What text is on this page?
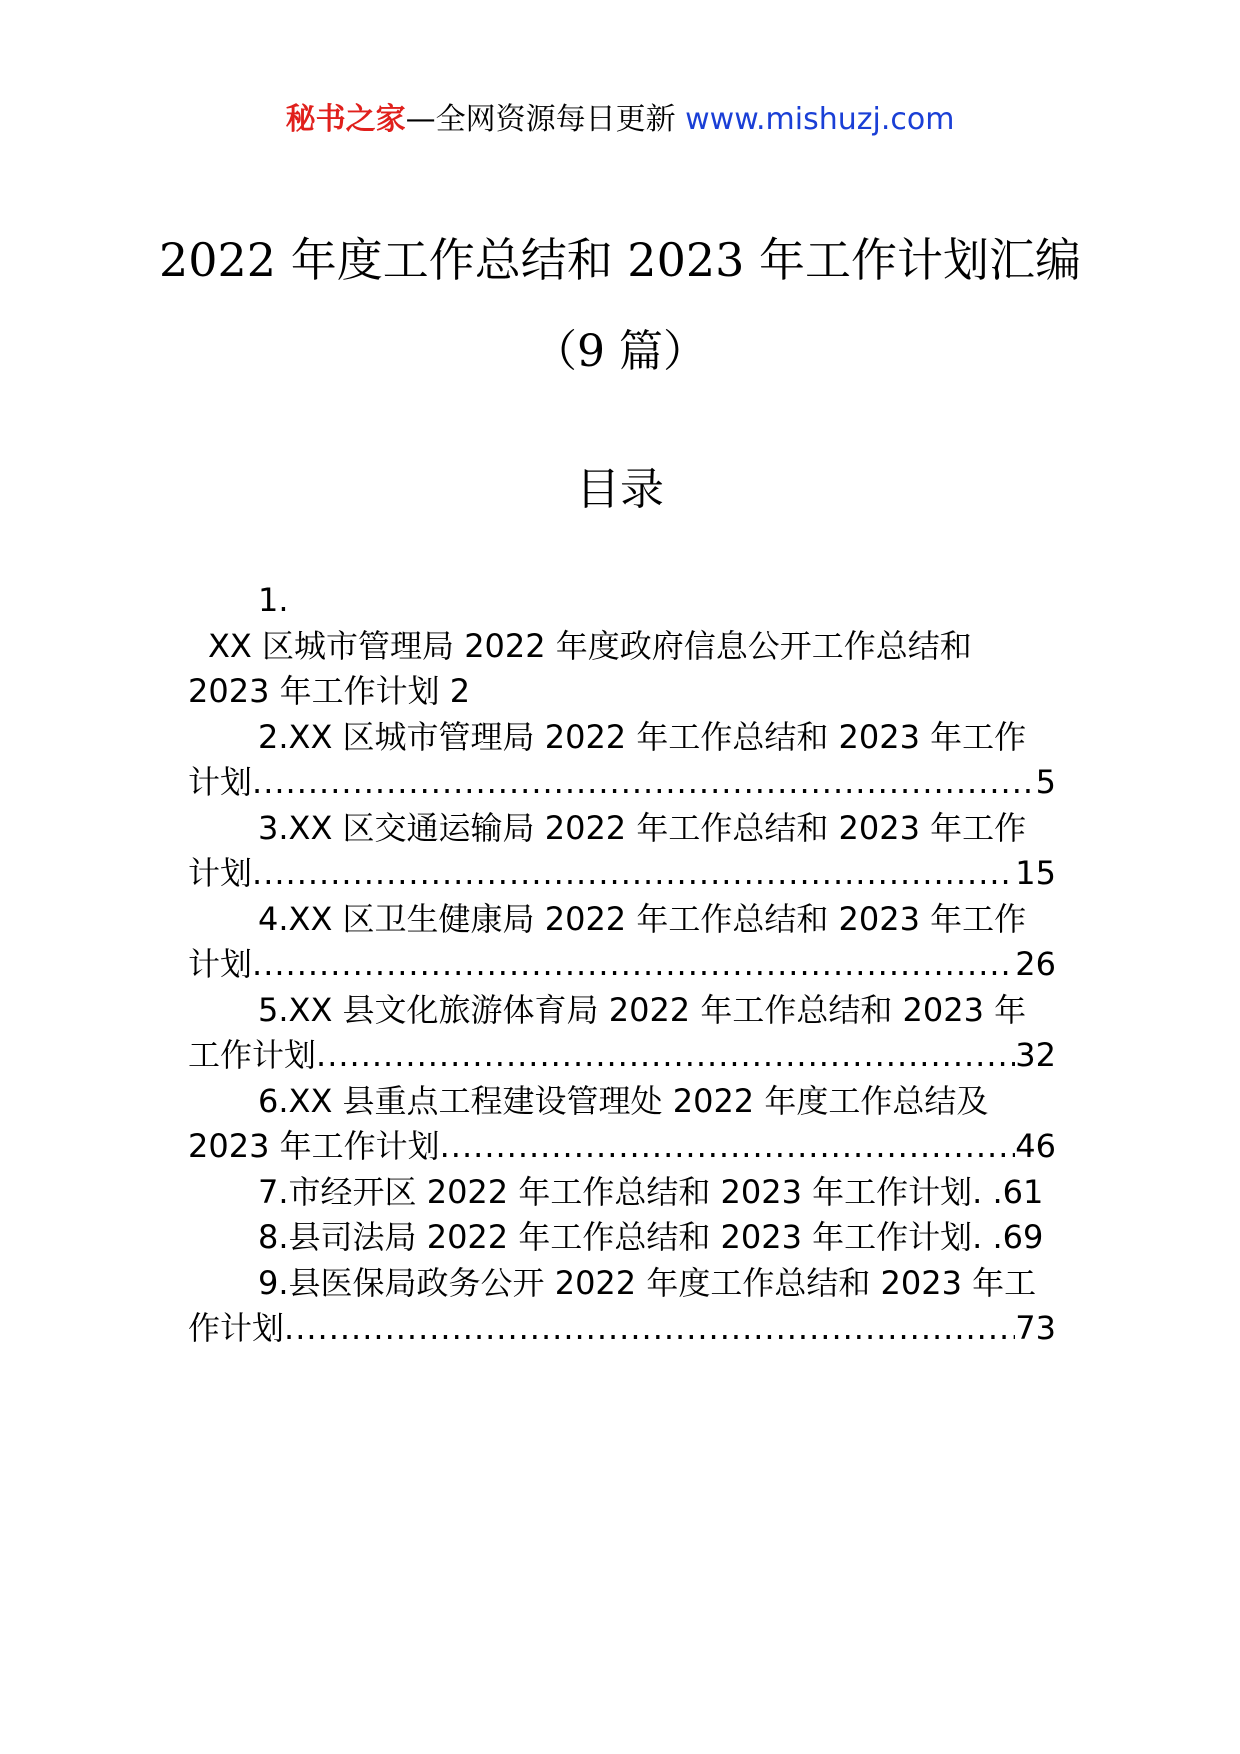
秘书之家—全网资源每日更新 www.mishuzj.com
2022 年度工作总结和 2023 年工作计划汇编
（9 篇）
目录
1.
XX 区城市管理局 2022 年度政府信息公开工作总结和
2023 年工作计划 2
2.XX 区城市管理局 2022 年工作总结和 2023 年工作
计划 .....	5
3.XX 区交通运输局 2022 年工作总结和 2023 年工作
计划 .....	15
4.XX 区卫生健康局 2022 年工作总结和 2023 年工作
计划 .....	26
5.XX 县文化旅游体育局 2022 年工作总结和 2023 年
工作计划 .....	32
6.XX 县重点工程建设管理处 2022 年度工作总结及
2023 年工作计划 .....	46
7.市经开区 2022 年工作总结和 2023 年工作计划. .61
8.县司法局 2022 年工作总结和 2023 年工作计划. .69
9.县医保局政务公开 2022 年度工作总结和 2023 年工
作计划 .....	73
